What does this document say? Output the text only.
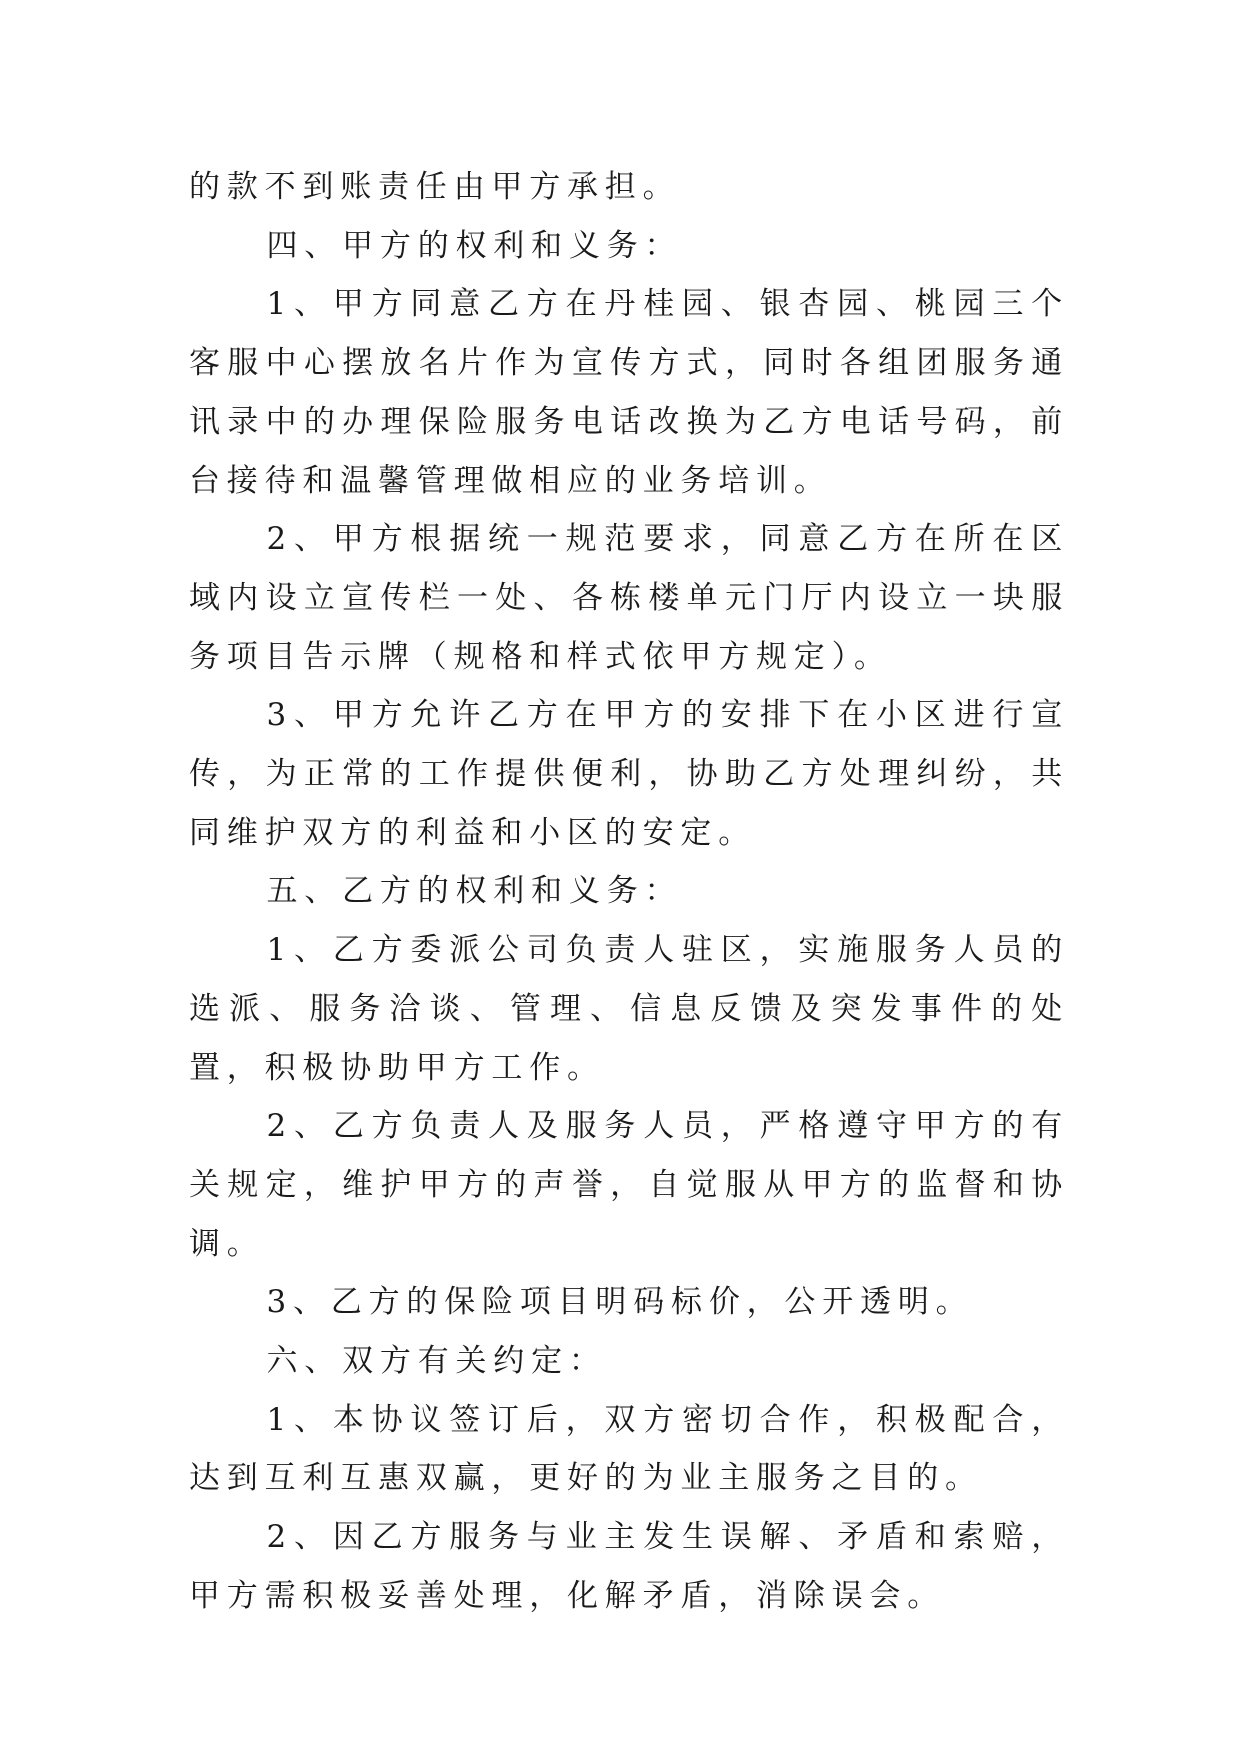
的款不到账责任由甲方承担。

四、甲方的权利和义务：

1、甲方同意乙方在丹桂园、银杏园、桃园三个客服中心摆放名片作为宣传方式，同时各组团服务通讯录中的办理保险服务电话改换为乙方电话号码，前台接待和温馨管理做相应的业务培训。

2、甲方根据统一规范要求，同意乙方在所在区域内设立宣传栏一处、各栋楼单元门厅内设立一块服务项目告示牌（规格和样式依甲方规定）。

3、甲方允许乙方在甲方的安排下在小区进行宣传，为正常的工作提供便利，协助乙方处理纠纷，共同维护双方的利益和小区的安定。

五、乙方的权利和义务：

1、乙方委派公司负责人驻区，实施服务人员的选派、服务洽谈、管理、信息反馈及突发事件的处置，积极协助甲方工作。

2、乙方负责人及服务人员，严格遵守甲方的有关规定，维护甲方的声誉，自觉服从甲方的监督和协调。

3、乙方的保险项目明码标价，公开透明。

六、双方有关约定：

1、本协议签订后，双方密切合作，积极配合，达到互利互惠双赢，更好的为业主服务之目的。

2、因乙方服务与业主发生误解、矛盾和索赔，甲方需积极妥善处理，化解矛盾，消除误会。
